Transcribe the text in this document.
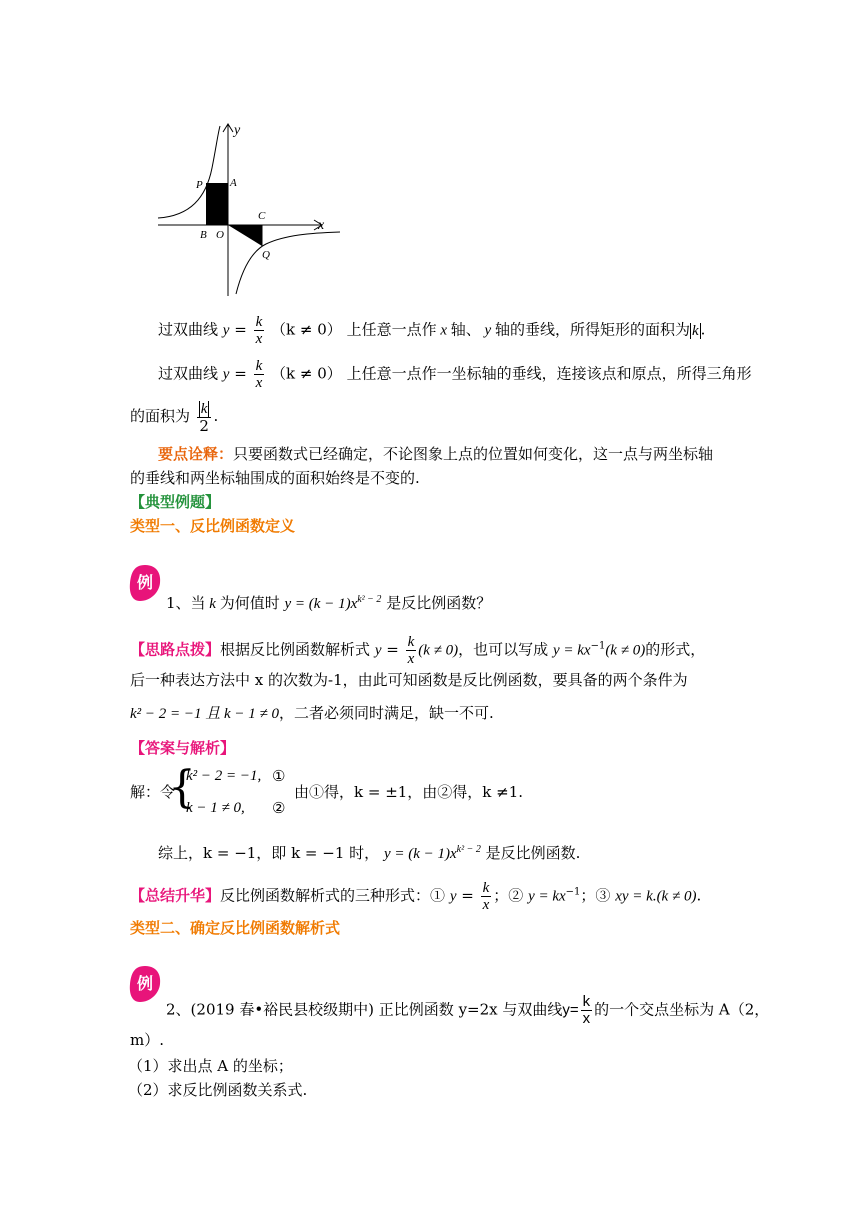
y
x
P A
B O
C
Q
过双曲线 $y = \frac{k}{x} (k \ne 0)$ 上任意一点作 x 轴、 y 轴的垂线，所得矩形的面积为 k .
过双曲线 $y = \frac{k}{x} (k \ne 0)$ 上任意一点作一坐标轴的垂线，连接该点和原点，所得三角形
的面积为 $\frac{k}{2}$ .
要点诠释：只要函数式已经确定，不论图象上点的位置如何变化，这一点与两坐标轴
的垂线和两坐标轴围成的面积始终是不变的.
【典型例题】
类型一、反比例函数定义
例
1、当 k 为何值时 $y = (k - 1)x^{k^2 - 2}$ 是反比例函数？
【思路点拨】根据反比例函数解析式 $y = \frac{k}{x} (k \ne 0)$，也可以写成 $y = kx^{-1}(k \ne 0)$的形式，
后一种表达方法中 x 的次数为-1，由此可知函数是反比例函数，要具备的两个条件为
k² − 2 = −1 且 k − 1 ≠ 0，二者必须同时满足，缺一不可.
【答案与解析】
解：令
{
k² − 2 = −1, ①
k − 1 ≠ 0, ②
由①得，k = ±1，由②得，k ≠1.
综上，k = −1，即 k = −1 时， $y = (k - 1)x^{k^2 - 2}$ 是反比例函数.
【总结升华】反比例函数解析式的三种形式：① $y = \frac{k}{x}$ ；② $y = kx^{-1}$；③ xy = k.(k ≠ 0).
类型二、确定反比例函数解析式
例
2、(2019 春•裕民县校级期中) 正比例函数 y=2x 与双曲线$y= \frac{k}{x}$ 的一个交点坐标为 A（2，
m）.
（1）求出点 A 的坐标；
（2）求反比例函数关系式.
